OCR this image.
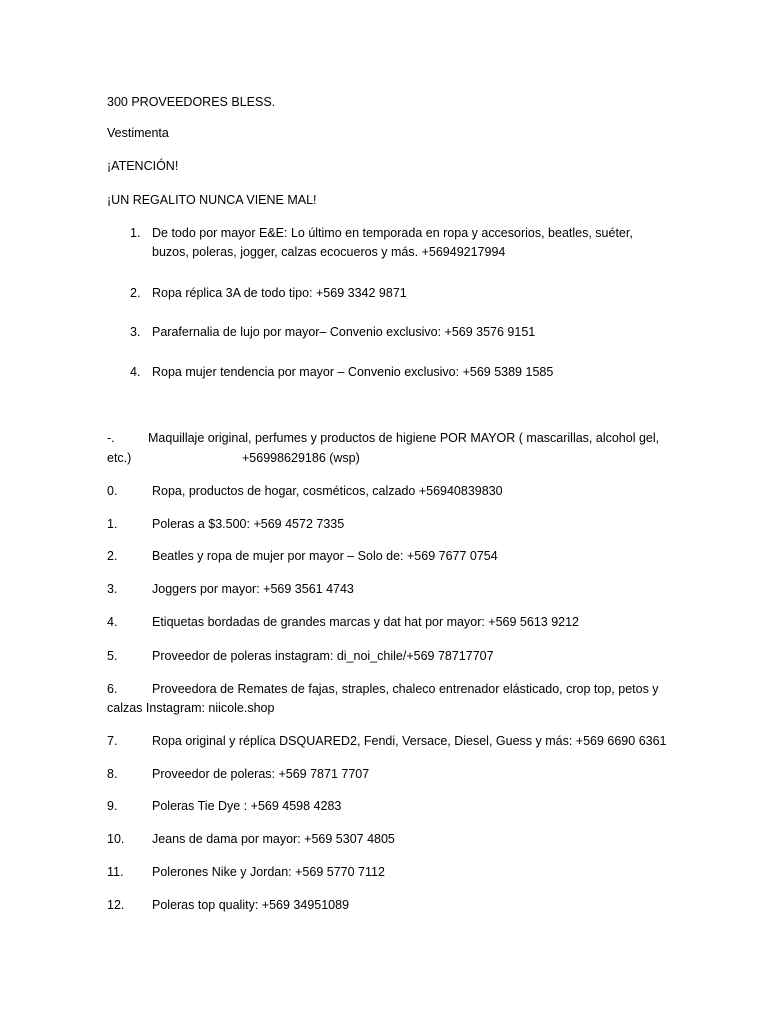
300 PROVEEDORES BLESS.
Vestimenta
¡ATENCIÓN!
¡UN REGALITO NUNCA VIENE MAL!
1. De todo por mayor E&E: Lo último en temporada en ropa y accesorios, beatles, suéter,
buzos, poleras, jogger, calzas ecocueros y más. +56949217994
2. Ropa réplica 3A de todo tipo: +569 3342 9871
3. Parafernalia de lujo por mayor– Convenio exclusivo: +569 3576 9151
4. Ropa mujer tendencia por mayor – Convenio exclusivo: +569 5389 1585
-.	Maquillaje original, perfumes y productos de higiene POR MAYOR ( mascarillas, alcohol gel,
etc.)	+56998629186 (wsp)
0.	Ropa, productos de hogar, cosméticos, calzado +56940839830
1.	Poleras a $3.500: +569 4572 7335
2.	Beatles y ropa de mujer por mayor – Solo de: +569 7677 0754
3.	Joggers por mayor: +569 3561 4743
4.	Etiquetas bordadas de grandes marcas y dat hat por mayor: +569 5613 9212
5.	Proveedor de poleras instagram: di_noi_chile/+569 78717707
6.	Proveedora de Remates de fajas, straples, chaleco entrenador elásticado, crop top, petos y
calzas Instagram: niicole.shop
7.	Ropa original y réplica DSQUARED2, Fendi, Versace, Diesel, Guess y más: +569 6690 6361
8.	Proveedor de poleras: +569 7871 7707
9.	Poleras Tie Dye : +569 4598 4283
10. Jeans de dama por mayor: +569 5307 4805
11. Polerones Nike y Jordan: +569 5770 7112
12. Poleras top quality: +569 34951089
